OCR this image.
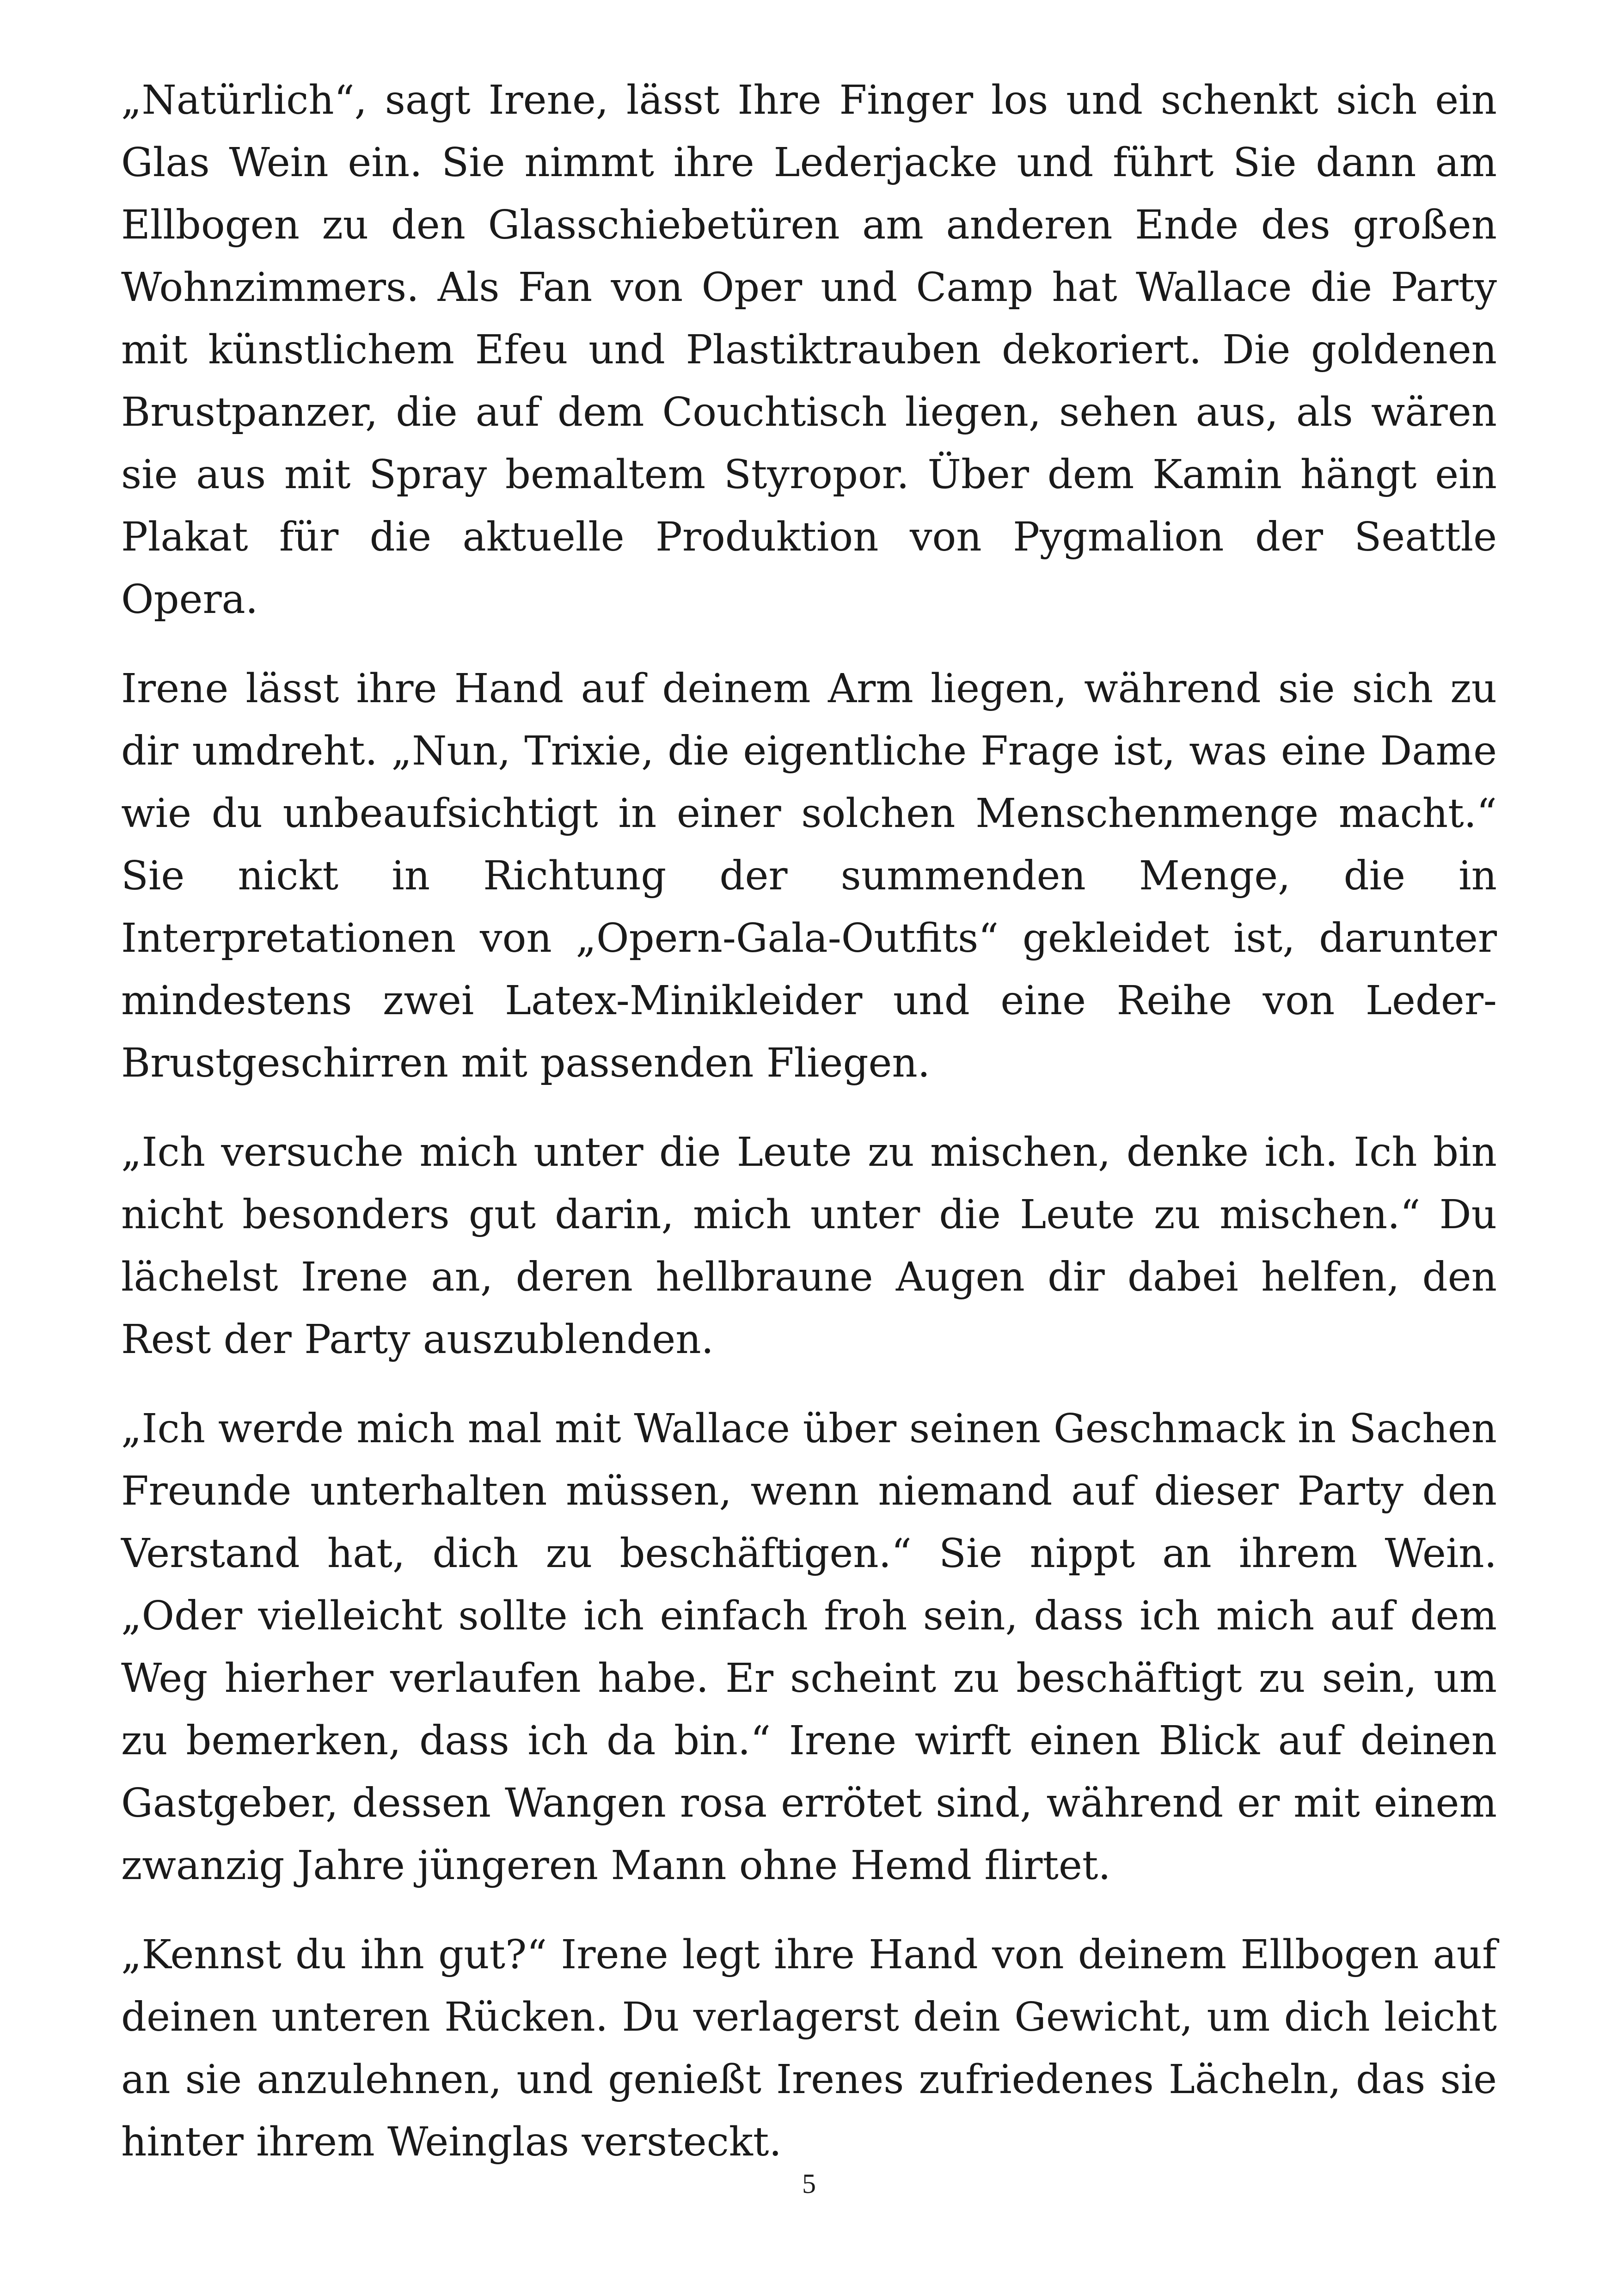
„Natürlich“, sagt Irene, lässt Ihre Finger los und schenkt sich ein Glas Wein ein. Sie nimmt ihre Lederjacke und führt Sie dann am Ellbogen zu den Glasschiebetüren am anderen Ende des großen Wohnzimmers. Als Fan von Oper und Camp hat Wallace die Party mit künstlichem Efeu und Plastiktrauben dekoriert. Die goldenen Brustpanzer, die auf dem Couchtisch liegen, sehen aus, als wären sie aus mit Spray bemaltem Styropor. Über dem Kamin hängt ein Plakat für die aktuelle Produktion von Pygmalion der Seattle Opera.

Irene lässt ihre Hand auf deinem Arm liegen, während sie sich zu dir umdreht. „Nun, Trixie, die eigentliche Frage ist, was eine Dame wie du unbeaufsichtigt in einer solchen Menschenmenge macht.“ Sie nickt in Richtung der summenden Menge, die in Interpretationen von „Opern-Gala-Outfits“ gekleidet ist, darunter mindestens zwei Latex-Minikleider und eine Reihe von Leder-Brustgeschirren mit passenden Fliegen.

„Ich versuche mich unter die Leute zu mischen, denke ich. Ich bin nicht besonders gut darin, mich unter die Leute zu mischen.“ Du lächelst Irene an, deren hellbraune Augen dir dabei helfen, den Rest der Party auszublenden.

„Ich werde mich mal mit Wallace über seinen Geschmack in Sachen Freunde unterhalten müssen, wenn niemand auf dieser Party den Verstand hat, dich zu beschäftigen.“ Sie nippt an ihrem Wein. „Oder vielleicht sollte ich einfach froh sein, dass ich mich auf dem Weg hierher verlaufen habe. Er scheint zu beschäftigt zu sein, um zu bemerken, dass ich da bin.“ Irene wirft einen Blick auf deinen Gastgeber, dessen Wangen rosa errötet sind, während er mit einem zwanzig Jahre jüngeren Mann ohne Hemd flirtet.

„Kennst du ihn gut?“ Irene legt ihre Hand von deinem Ellbogen auf deinen unteren Rücken. Du verlagerst dein Gewicht, um dich leicht an sie anzulehnen, und genießt Irenes zufriedenes Lächeln, das sie hinter ihrem Weinglas versteckt.

5
